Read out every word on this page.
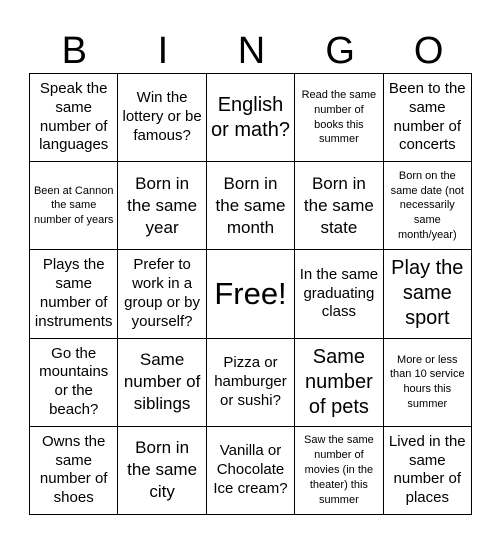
B	I	N	G	O
Speak the same number of languages
Win the lottery or be famous?
English or math?
Read the same number of books this summer
Been to the same number of concerts
Been at Cannon the same number of years
Born in the same year
Born in the same month
Born in the same state
Born on the same date (not necessarily same month/year)
Plays the same number of instruments
Prefer to work in a group or by yourself?
Free!
In the same graduating class
Play the same sport
Go the mountains or the beach?
Same number of siblings
Pizza or hamburger or sushi?
Same number of pets
More or less than 10 service hours this summer
Owns the same number of shoes
Born in the same city
Vanilla or Chocolate Ice cream?
Saw the same number of movies (in the theater) this summer
Lived in the same number of places
